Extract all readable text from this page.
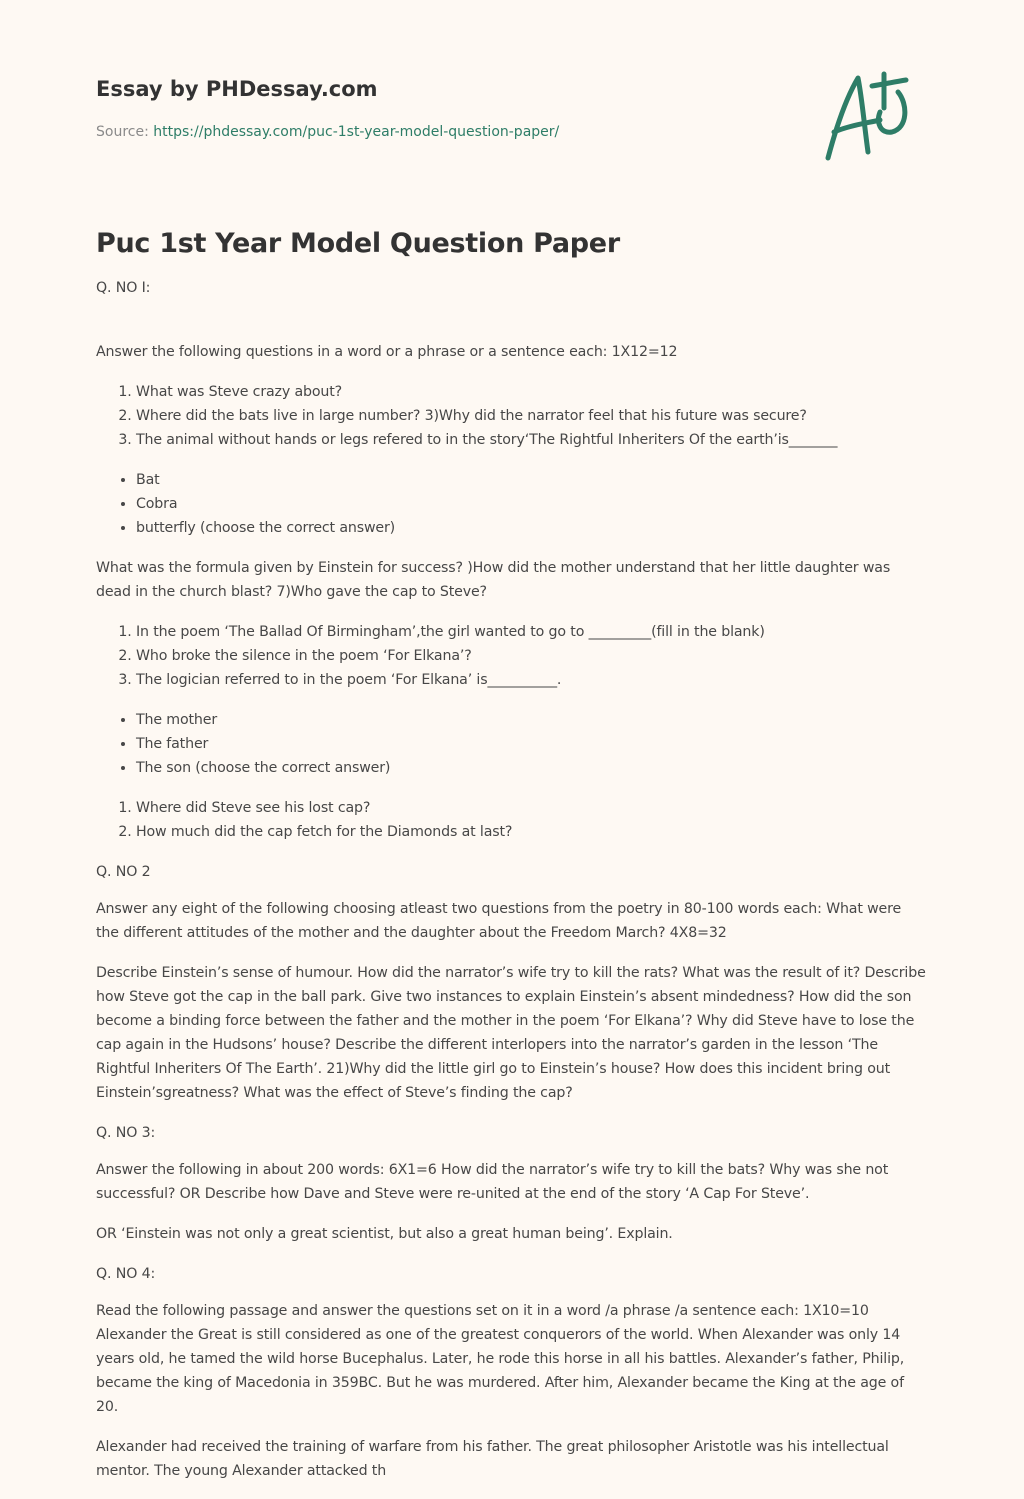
Essay by PHDessay.com
Source: https://phdessay.com/puc-1st-year-model-question-paper/
Puc 1st Year Model Question Paper

Q. NO I:

Answer the following questions in a word or a phrase or a sentence each: 1X12=12

1. What was Steve crazy about?
2. Where did the bats live in large number? 3)Why did the narrator feel that his future was secure?
3. The animal without hands or legs refered to in the story‘The Rightful Inheriters Of the earth’is_______
• Bat
• Cobra
• butterfly (choose the correct answer)

What was the formula given by Einstein for success? )How did the mother understand that her little daughter was dead in the church blast? 7)Who gave the cap to Steve?

1. In the poem ‘The Ballad Of Birmingham’,the girl wanted to go to _________(fill in the blank)
2. Who broke the silence in the poem ‘For Elkana’?
3. The logician referred to in the poem ‘For Elkana’ is__________.
• The mother
• The father
• The son (choose the correct answer)
1. Where did Steve see his lost cap?
2. How much did the cap fetch for the Diamonds at last?

Q. NO 2

Answer any eight of the following choosing atleast two questions from the poetry in 80-100 words each: What were the different attitudes of the mother and the daughter about the Freedom March? 4X8=32

Describe Einstein’s sense of humour. How did the narrator’s wife try to kill the rats? What was the result of it? Describe how Steve got the cap in the ball park. Give two instances to explain Einstein’s absent mindedness? How did the son become a binding force between the father and the mother in the poem ‘For Elkana’? Why did Steve have to lose the cap again in the Hudsons’ house? Describe the different interlopers into the narrator’s garden in the lesson ‘The Rightful Inheriters Of The Earth’. 21)Why did the little girl go to Einstein’s house? How does this incident bring out Einstein’sgreatness? What was the effect of Steve’s finding the cap?

Q. NO 3:

Answer the following in about 200 words: 6X1=6 How did the narrator’s wife try to kill the bats? Why was she not successful? OR Describe how Dave and Steve were re-united at the end of the story ‘A Cap For Steve’.

OR ‘Einstein was not only a great scientist, but also a great human being’. Explain.

Q. NO 4:

Read the following passage and answer the questions set on it in a word /a phrase /a sentence each: 1X10=10 Alexander the Great is still considered as one of the greatest conquerors of the world. When Alexander was only 14 years old, he tamed the wild horse Bucephalus. Later, he rode this horse in all his battles. Alexander’s father, Philip, became the king of Macedonia in 359BC. But he was murdered. After him, Alexander became the King at the age of 20.

Alexander had received the training of warfare from his father. The great philosopher Aristotle was his intellectual mentor. The young Alexander attacked th
